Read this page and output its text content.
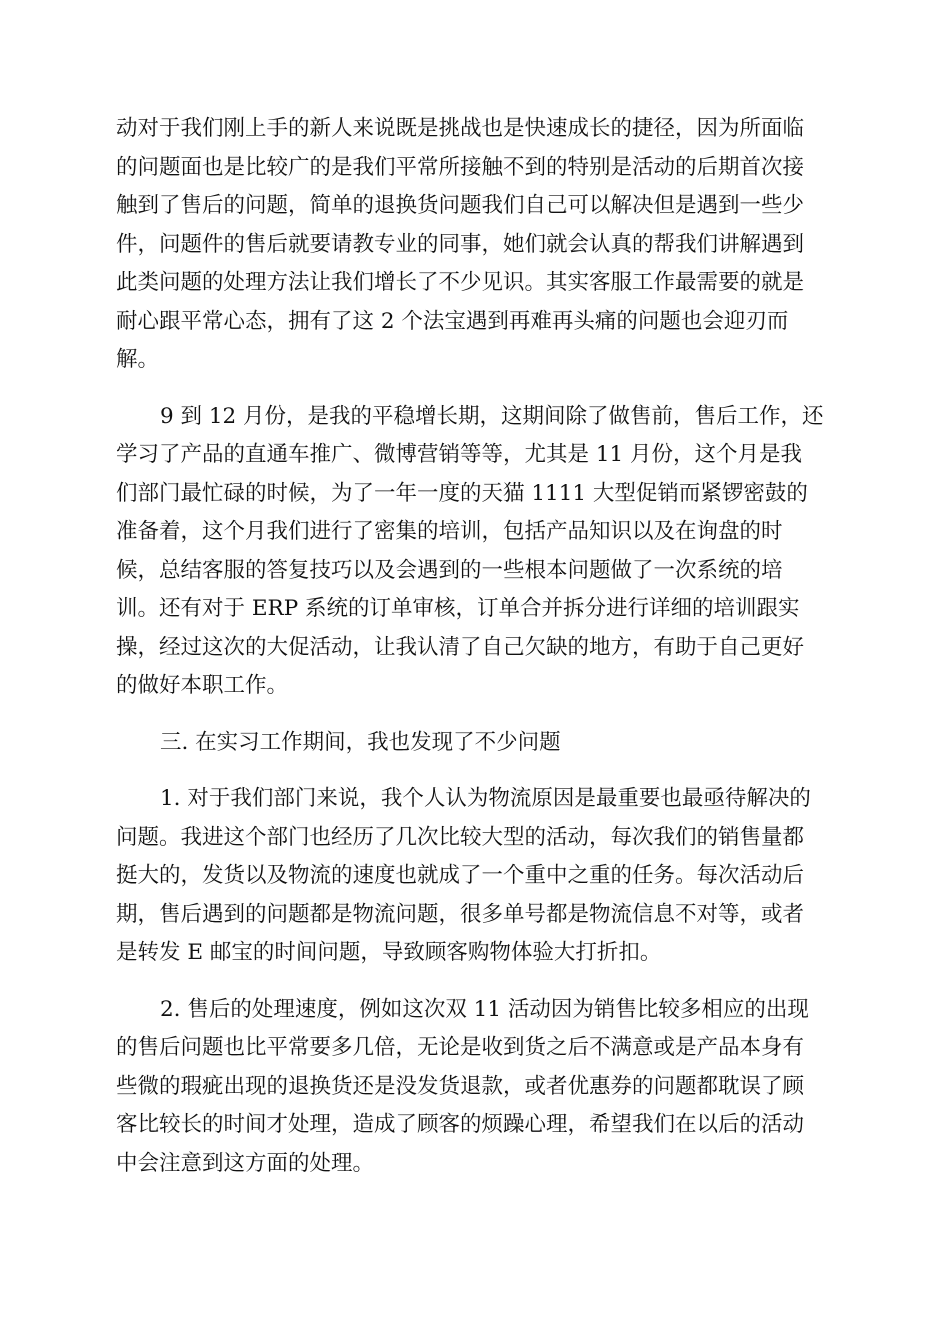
动对于我们刚上手的新人来说既是挑战也是快速成长的捷径，因为所面临
的问题面也是比较广的是我们平常所接触不到的特别是活动的后期首次接
触到了售后的问题，简单的退换货问题我们自己可以解决但是遇到一些少
件，问题件的售后就要请教专业的同事，她们就会认真的帮我们讲解遇到
此类问题的处理方法让我们增长了不少见识。其实客服工作最需要的就是
耐心跟平常心态，拥有了这 2 个法宝遇到再难再头痛的问题也会迎刃而
解。
9 到 12 月份，是我的平稳增长期，这期间除了做售前，售后工作，还
学习了产品的直通车推广、微博营销等等，尤其是 11 月份，这个月是我
们部门最忙碌的时候，为了一年一度的天猫 1111 大型促销而紧锣密鼓的
准备着，这个月我们进行了密集的培训，包括产品知识以及在询盘的时
候，总结客服的答复技巧以及会遇到的一些根本问题做了一次系统的培
训。还有对于 ERP 系统的订单审核，订单合并拆分进行详细的培训跟实
操，经过这次的大促活动，让我认清了自己欠缺的地方，有助于自己更好
的做好本职工作。
三. 在实习工作期间，我也发现了不少问题
1. 对于我们部门来说，我个人认为物流原因是最重要也最亟待解决的
问题。我进这个部门也经历了几次比较大型的活动，每次我们的销售量都
挺大的，发货以及物流的速度也就成了一个重中之重的任务。每次活动后
期，售后遇到的问题都是物流问题，很多单号都是物流信息不对等，或者
是转发 E 邮宝的时间问题，导致顾客购物体验大打折扣。
2. 售后的处理速度，例如这次双 11 活动因为销售比较多相应的出现
的售后问题也比平常要多几倍，无论是收到货之后不满意或是产品本身有
些微的瑕疵出现的退换货还是没发货退款，或者优惠券的问题都耽误了顾
客比较长的时间才处理，造成了顾客的烦躁心理，希望我们在以后的活动
中会注意到这方面的处理。
